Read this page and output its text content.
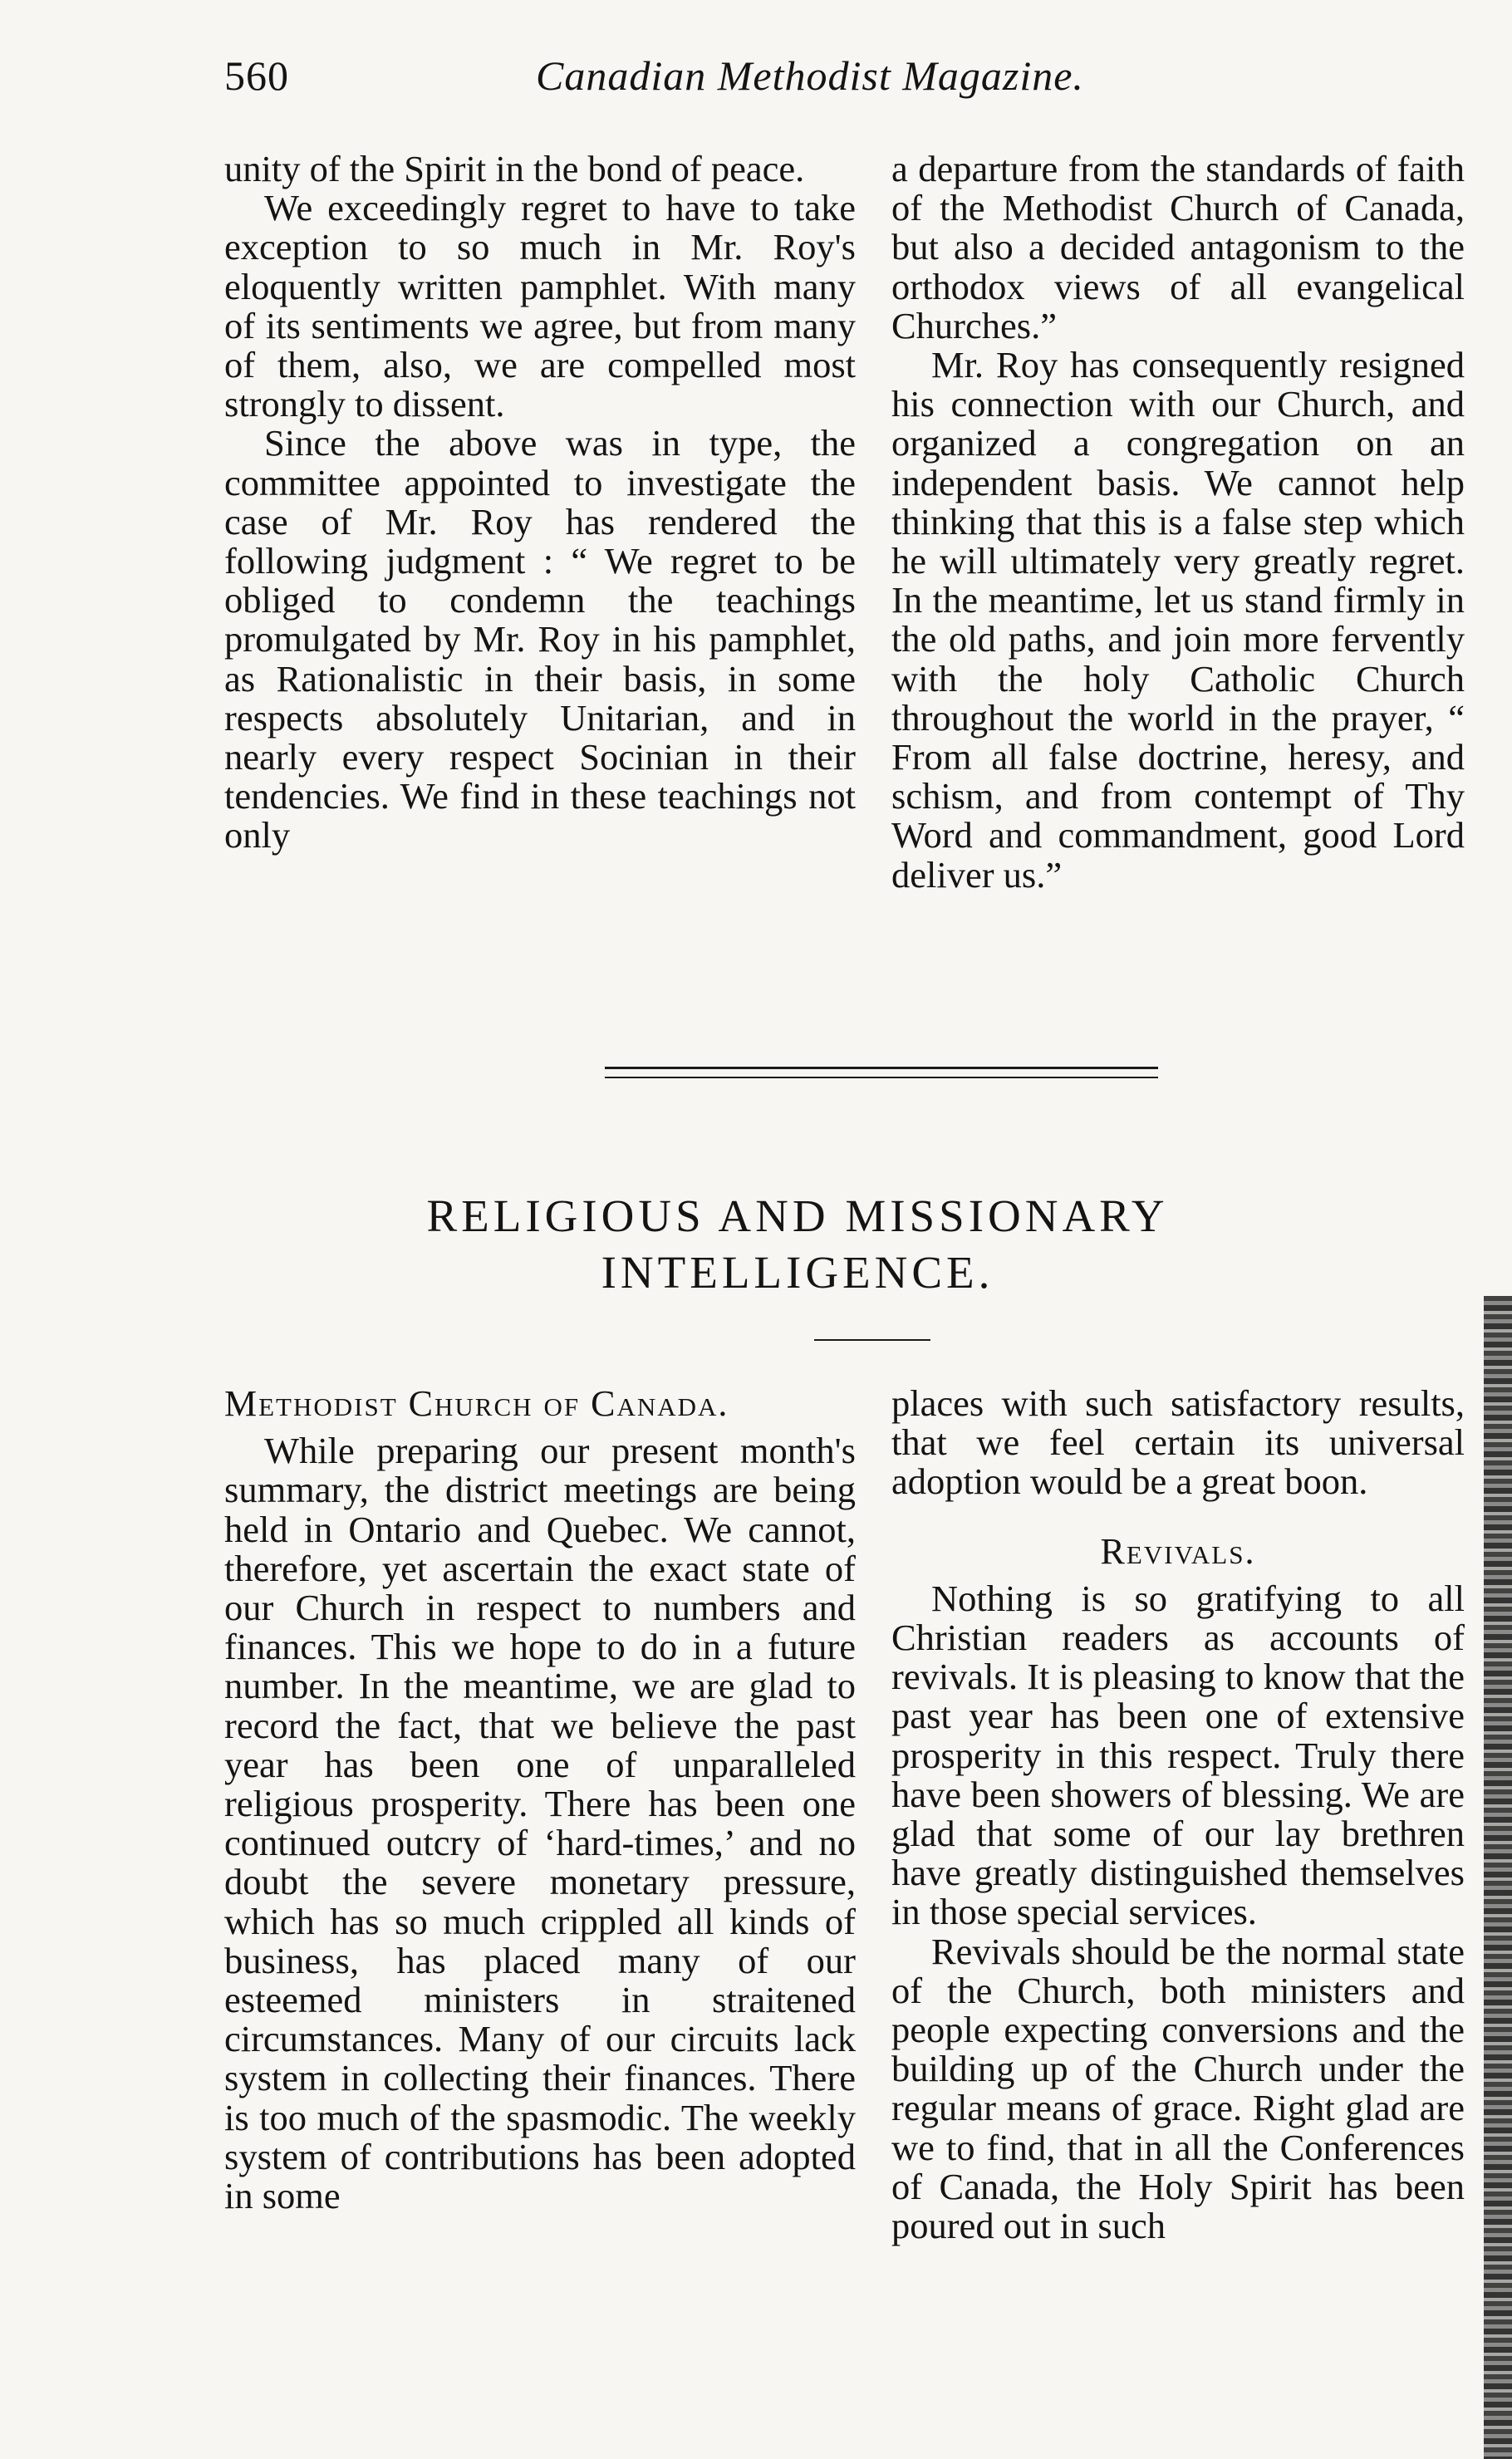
560	Canadian Methodist Magazine.

unity of the Spirit in the bond of peace.

We exceedingly regret to have to take exception to so much in Mr. Roy's eloquently written pamphlet. With many of its sentiments we agree, but from many of them, also, we are compelled most strongly to dissent.

Since the above was in type, the committee appointed to investigate the case of Mr. Roy has rendered the following judgment : “ We regret to be obliged to condemn the teachings promulgated by Mr. Roy in his pamphlet, as Rationalistic in their basis, in some respects absolutely Unitarian, and in nearly every respect Socinian in their tendencies. We find in these teachings not only

a departure from the standards of faith of the Methodist Church of Canada, but also a decided antagonism to the orthodox views of all evangelical Churches.”

Mr. Roy has consequently resigned his connection with our Church, and organized a congregation on an independent basis. We cannot help thinking that this is a false step which he will ultimately very greatly regret. In the meantime, let us stand firmly in the old paths, and join more fervently with the holy Catholic Church throughout the world in the prayer, “ From all false doctrine, heresy, and schism, and from contempt of Thy Word and commandment, good Lord deliver us.”

RELIGIOUS AND MISSIONARY
INTELLIGENCE.

Methodist Church of Canada.

While preparing our present month's summary, the district meetings are being held in Ontario and Quebec. We cannot, therefore, yet ascertain the exact state of our Church in respect to numbers and finances. This we hope to do in a future number. In the meantime, we are glad to record the fact, that we believe the past year has been one of unparalleled religious prosperity. There has been one continued outcry of ‘hard-times,’ and no doubt the severe monetary pressure, which has so much crippled all kinds of business, has placed many of our esteemed ministers in straitened circumstances. Many of our circuits lack system in collecting their finances. There is too much of the spasmodic. The weekly system of contributions has been adopted in some

places with such satisfactory results, that we feel certain its universal adoption would be a great boon.

Revivals.

Nothing is so gratifying to all Christian readers as accounts of revivals. It is pleasing to know that the past year has been one of extensive prosperity in this respect. Truly there have been showers of blessing. We are glad that some of our lay brethren have greatly distinguished themselves in those special services.

Revivals should be the normal state of the Church, both ministers and people expecting conversions and the building up of the Church under the regular means of grace. Right glad are we to find, that in all the Conferences of Canada, the Holy Spirit has been poured out in such
